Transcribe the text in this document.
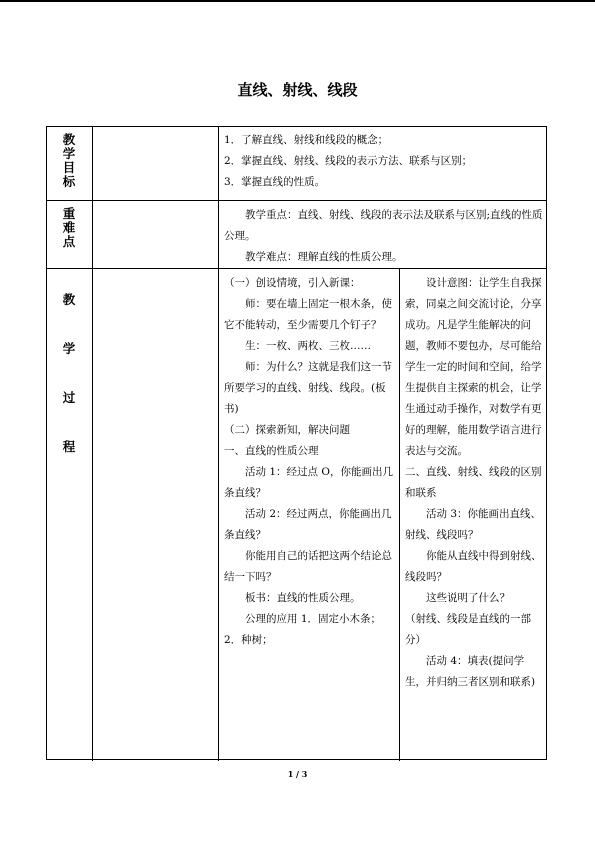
直线、射线、线段
教
学
目
标

1．了解直线、射线和线段的概念；

2．掌握直线、射线、线段的表示方法、联系与区别；

3．掌握直线的性质。

重
难
点

教学重点：直线、射线、线段的表示法及联系与区别;直线的性质公理。

教学难点：理解直线的性质公理。

教
学
过
程

（一）创设情境，引入新课：

师：要在墙上固定一根木条，使它不能转动，至少需要几个钉子？

生：一枚、两枚、三枚……

师：为什么？这就是我们这一节所要学习的直线、射线、线段。(板书)

（二）探索新知，解决问题

一、直线的性质公理

活动 1：经过点 O，你能画出几条直线？

活动 2：经过两点，你能画出几条直线？

你能用自己的话把这两个结论总结一下吗？

板书：直线的性质公理。

公理的应用 1．固定小木条；2．种树；

设计意图：让学生自我探索，同桌之间交流讨论，分享成功。凡是学生能解决的问题，教师不要包办，尽可能给学生一定的时间和空间，给学生提供自主探索的机会，让学生通过动手操作，对数学有更好的理解，能用数学语言进行表达与交流。

二、直线、射线、线段的区别和联系

活动 3：你能画出直线、射线、线段吗？

你能从直线中得到射线、线段吗？

这些说明了什么？

（射线、线段是直线的一部分）

活动 4：填表(提问学生，并归纳三者区别和联系)

1 / 3
